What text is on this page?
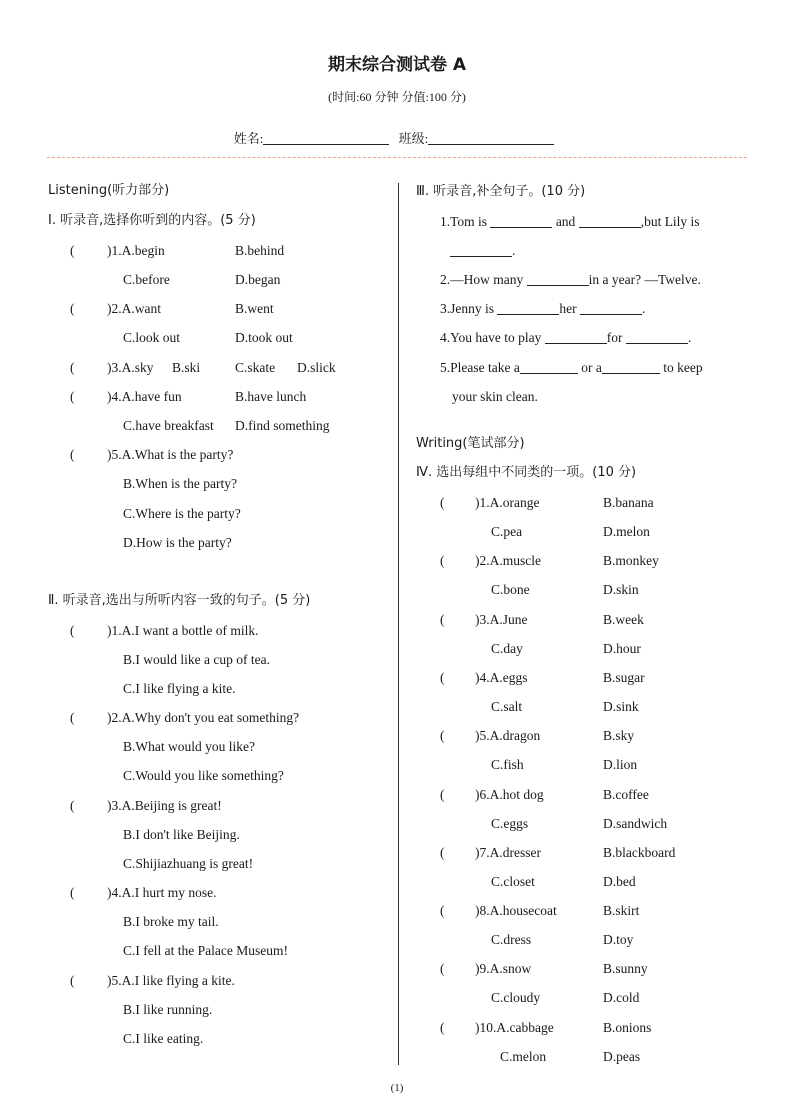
期末综合测试卷 A
(时间:60 分钟 分值:100 分)
姓名:	班级:
Listening(听力部分)
Ⅰ. 听录音,选择你听到的内容。(5 分)
( )1.A.begin	B.behind
C.before	D.began
( )2.A.want	B.went
C.look out	D.took out
( )3.A.sky B.ski	C.skate D.slick
( )4.A.have fun	B.have lunch
C.have breakfast D.find something
( )5.A.What is the party?
B.When is the party?
C.Where is the party?
D.How is the party?
Ⅱ. 听录音,选出与所听内容一致的句子。(5 分)
( )1.A.I want a bottle of milk.
B.I would like a cup of tea.
C.I like flying a kite.
( )2.A.Why don't you eat something?
B.What would you like?
C.Would you like something?
( )3.A.Beijing is great!
B.I don't like Beijing.
C.Shijiazhuang is great!
( )4.A.I hurt my nose.
B.I broke my tail.
C.I fell at the Palace Museum!
( )5.A.I like flying a kite.
B.I like running.
C.I like eating.
Ⅲ. 听录音,补全句子。(10 分)
1.Tom is	and	,but Lily is
.
2.—How many	in a year? —Twelve.
3.Jenny is	her	.
4.You have to play	for	.
5.Please take a	or a	to keep
your skin clean.
Writing(笔试部分)
Ⅳ. 选出每组中不同类的一项。(10 分)
( )1.A.orange	B.banana
C.pea	D.melon
( )2.A.muscle	B.monkey
C.bone	D.skin
( )3.A.June	B.week
C.day	D.hour
( )4.A.eggs	B.sugar
C.salt	D.sink
( )5.A.dragon	B.sky
C.fish	D.lion
( )6.A.hot dog	B.coffee
C.eggs	D.sandwich
( )7.A.dresser	B.blackboard
C.closet	D.bed
( )8.A.housecoat	B.skirt
C.dress	D.toy
( )9.A.snow	B.sunny
C.cloudy	D.cold
( )10.A.cabbage	B.onions
C.melon	D.peas
(1)
